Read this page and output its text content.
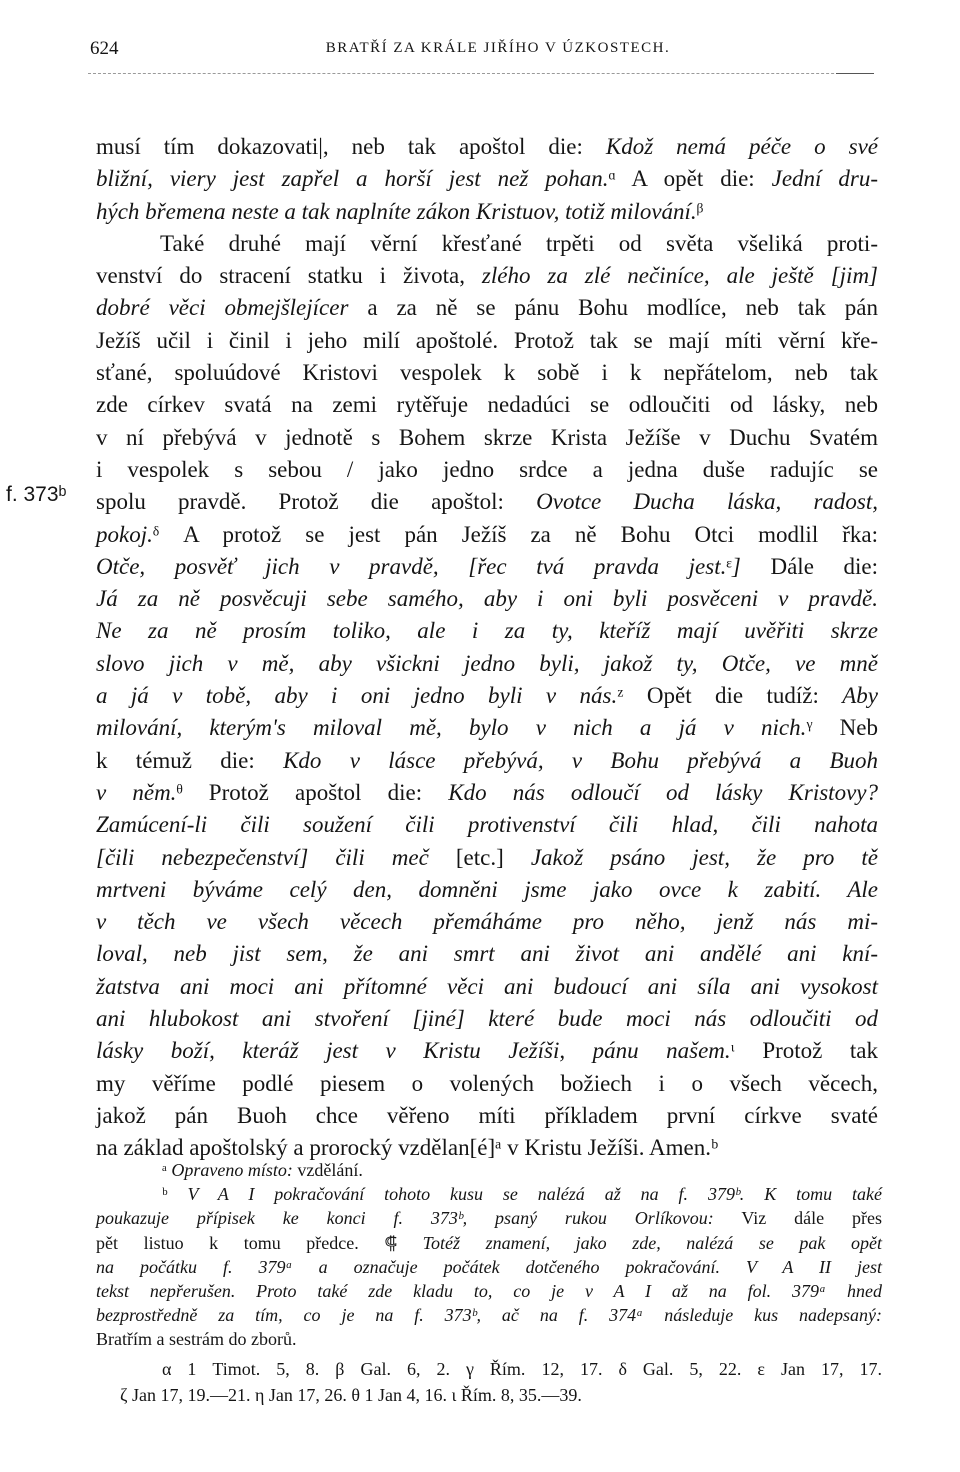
624	BRATŘÍ ZA KRÁLE JIŘÍHO V ÚZKOSTECH.
f. 373ᵇ
musí tím dokazovati|, neb tak apoštol die: Kdož nemá péče o své
bližní, viery jest zapřel a horší jest než pohan.ᵅ A opět die: Jední dru-
hých břemena neste a tak naplníte zákon Kristuov, totiž milování.ᵝ
Také druhé mají věrní křesťané trpěti od světa všeliká proti-
venství do stracení statku i života, zlého za zlé nečiníce, ale ještě [jim]
dobré věci obmejšlejícer a za ně se pánu Bohu modlíce, neb tak pán
Ježíš učil i činil i jeho milí apoštolé. Protož tak se mají míti věrní kře-
sťané, spoluúdové Kristovi vespolek k sobě i k nepřátelom, neb tak
zde církev svatá na zemi rytěřuje nedadúci se odloučiti od lásky, neb
v ní přebývá v jednotě s Bohem skrze Krista Ježíše v Duchu Svatém
i vespolek s sebou / jako jedno srdce a jedna duše radujíc se
spolu pravdě. Protož die apoštol: Ovotce Ducha láska, radost,
pokoj.ᵟ A protož se jest pán Ježíš za ně Bohu Otci modlil řka:
Otče, posvěť jich v pravdě, [řec tvá pravda jest.ᵋ] Dále die:
Já za ně posvěcuji sebe samého, aby i oni byli posvěceni v pravdě.
Ne za ně prosím toliko, ale i za ty, kteříž mají uvěřiti skrze
slovo jich v mě, aby všickni jedno byli, jakož ty, Otče, ve mně
a já v tobě, aby i oni jedno byli v nás.ᶻ Opět die tudíž: Aby
milování, kterým's miloval mě, bylo v nich a já v nich.ᵞ Neb
k témuž die: Kdo v lásce přebývá, v Bohu přebývá a Buoh
v něm.ᶿ Protož apoštol die: Kdo nás odloučí od lásky Kristovy?
Zamúcení-li čili soužení čili protivenství čili hlad, čili nahota
[čili nebezpečenství] čili meč [etc.] Jakož psáno jest, že pro tě
mrtveni býváme celý den, domněni jsme jako ovce k zabití. Ale
v těch ve všech věcech přemáháme pro něho, jenž nás mi-
loval, neb jist sem, že ani smrt ani život ani andělé ani kní-
žatstva ani moci ani přítomné věci ani budoucí ani síla ani vysokost
ani hlubokost ani stvoření [jiné] které bude moci nás odloučiti od
lásky boží, kteráž jest v Kristu Ježíši, pánu našem.ᶥ Protož tak
my věříme podlé piesem o volených božiech i o všech věcech,
jakož pán Buoh chce věřeno míti příkladem první církve svaté
na základ apoštolský a prorocký vzdělan[é]ᵃ v Kristu Ježíši. Amen.ᵇ
ᵃ Opraveno místo: vzdělání.
ᵇ V A I pokračování tohoto kusu se nalézá až na f. 379ᵇ. K tomu také
poukazuje přípisek ke konci f. 373ᵇ, psaný rukou Orlíkovou: Viz dále přes
pět listuo k tomu předce. ⸿ Totéž znamení, jako zde, nalézá se pak opět
na počátku f. 379ᵃ a označuje počátek dotčeného pokračování. V A II jest
tekst nepřerušen. Proto také zde kladu to, co je v A I až na fol. 379ᵃ hned
bezprostředně za tím, co je na f. 373ᵇ, ač na f. 374ᵃ následuje kus nadepsaný:
Bratřím a sestrám do zborů.
α 1 Timot. 5, 8. β Gal. 6, 2. γ Řím. 12, 17. δ Gal. 5, 22. ε Jan 17, 17.
ζ Jan 17, 19.—21. η Jan 17, 26. θ 1 Jan 4, 16. ι Řím. 8, 35.—39.
